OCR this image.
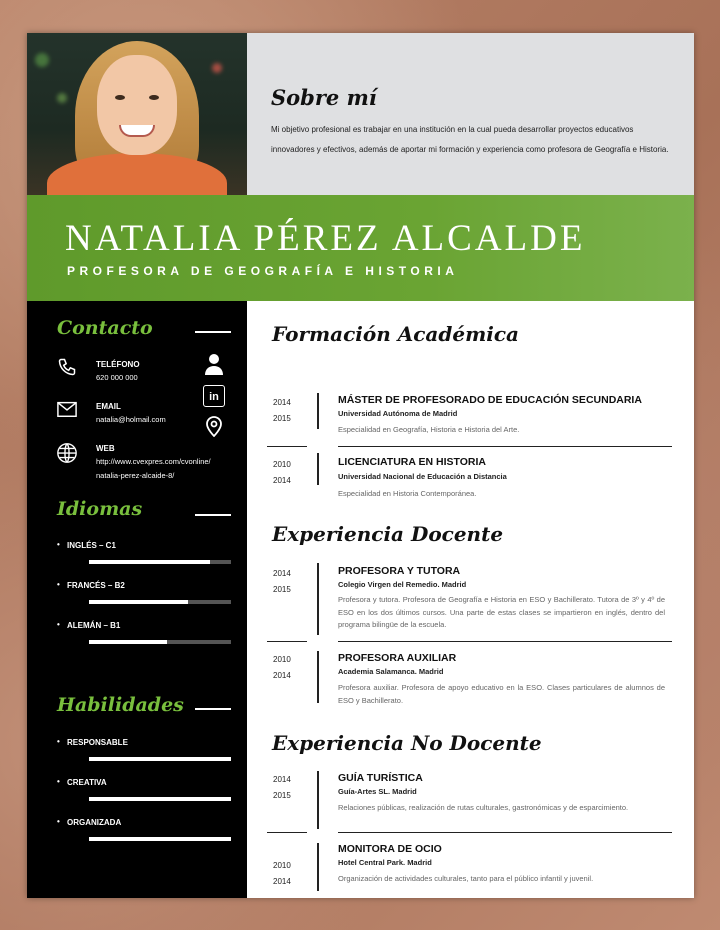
Sobre mí

Mi objetivo profesional es trabajar en una institución en la cual pueda desarrollar proyectos educativos innovadores y efectivos, además de aportar mi formación y experiencia como profesora de Geografía e Historia.

NATALIA PÉREZ ALCALDE
PROFESORA DE GEOGRAFÍA E HISTORIA
Contacto
TELÉFONO
620 000 000
EMAIL
natalia@holmail.com
WEB
http://www.cvexpres.com/cvonline/
natalia-perez-alcaide-8/
in
Idiomas
• INGLÉS – C1
• FRANCÉS – B2
• ALEMÁN – B1
Habilidades
• RESPONSABLE
• CREATIVA
• ORGANIZADA
Formación Académica
2014
2015
MÁSTER DE PROFESORADO DE EDUCACIÓN SECUNDARIA
Universidad Autónoma de Madrid
Especialidad en Geografía, Historia e Historia del Arte.
2010
2014
LICENCIATURA EN HISTORIA
Universidad Nacional de Educación a Distancia
Especialidad en Historia Contemporánea.
Experiencia Docente
2014
2015
PROFESORA Y TUTORA
Colegio Virgen del Remedio. Madrid
Profesora y tutora. Profesora de Geografía e Historia en ESO y Bachillerato. Tutora de 3º y 4º de ESO en los dos últimos cursos. Una parte de estas clases se impartieron en inglés, dentro del programa bilingüe de la escuela.
2010
2014
PROFESORA AUXILIAR
Academia Salamanca. Madrid
Profesora auxiliar. Profesora de apoyo educativo en la ESO. Clases particulares de alumnos de ESO y Bachillerato.
Experiencia No Docente
2014
2015
GUÍA TURÍSTICA
Guía-Artes SL. Madrid
Relaciones públicas, realización de rutas culturales, gastronómicas y de esparcimiento.
2010
2014
MONITORA DE OCIO
Hotel Central Park. Madrid
Organización de actividades culturales, tanto para el público infantil y juvenil.
